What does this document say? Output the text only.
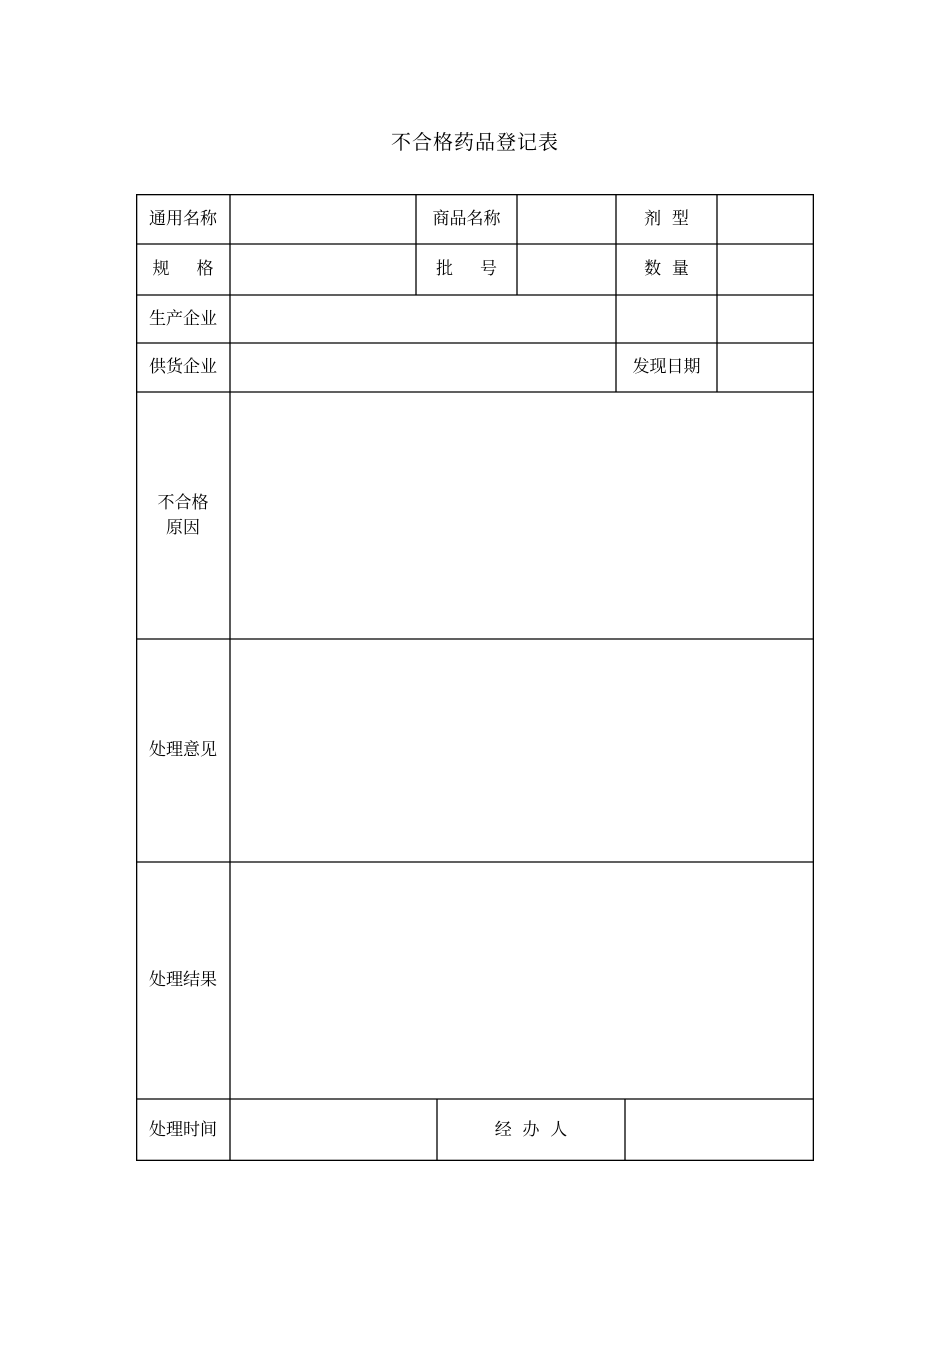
不合格药品登记表
通用名称	商品名称	剂  型
规     格	批     号	数  量
生产企业
供货企业	发现日期
不合格
原因
处理意见
处理结果
处理时间	经  办  人
